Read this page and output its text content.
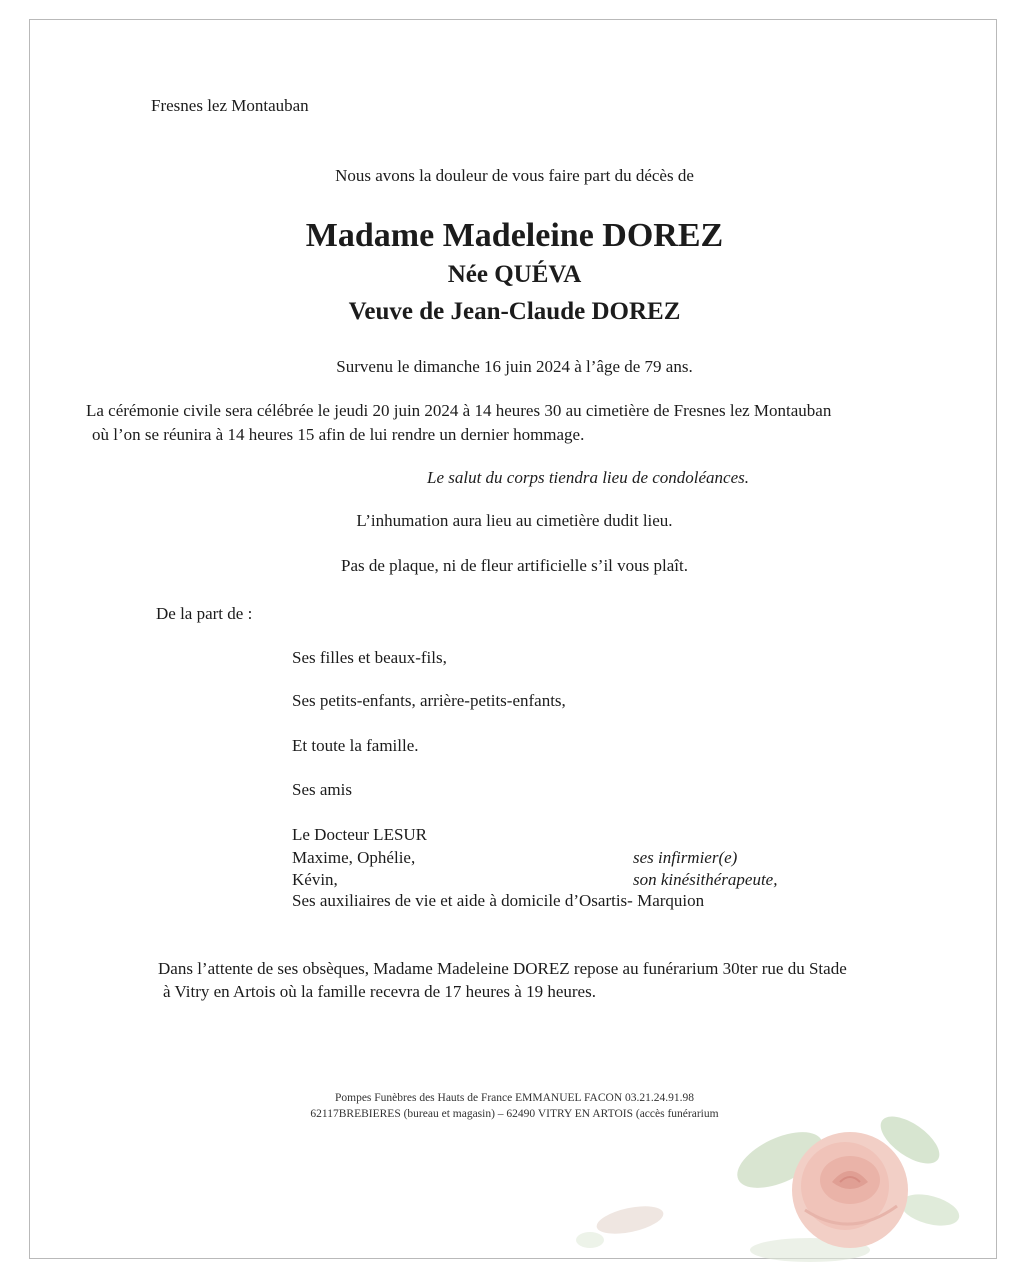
Fresnes lez Montauban
Nous avons la douleur de vous faire part du décès de
Madame Madeleine DOREZ
Née QUÉVA
Veuve de Jean-Claude DOREZ
Survenu le dimanche 16 juin 2024 à l’âge de 79 ans.
La cérémonie civile sera célébrée le jeudi 20 juin 2024 à 14 heures 30 au cimetière de Fresnes lez Montauban
où l’on se réunira à 14 heures 15 afin de lui rendre un dernier hommage.
Le salut du corps tiendra lieu de condoléances.
L’inhumation aura lieu au cimetière dudit lieu.
Pas de plaque, ni de fleur artificielle s’il vous plaît.
De la part de :
Ses filles et beaux-fils,
Ses petits-enfants, arrière-petits-enfants,
Et toute la famille.
Ses amis
Le Docteur LESUR
Maxime, Ophélie,	ses infirmier(e)
Kévin,	son kinésithérapeute,
Ses auxiliaires de vie et aide à domicile d’Osartis- Marquion
Dans l’attente de ses obsèques, Madame Madeleine DOREZ repose au funérarium 30ter rue du Stade
à Vitry en Artois où la famille recevra de 17 heures à 19 heures.
Pompes Funèbres des Hauts de France EMMANUEL FACON 03.21.24.91.98
62117BREBIERES (bureau et magasin) – 62490 VITRY EN ARTOIS (accès funérarium
